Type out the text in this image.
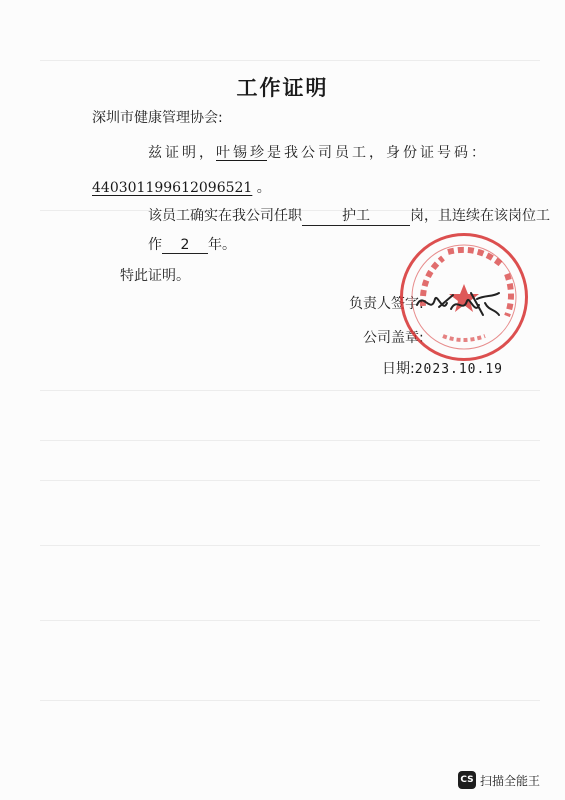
工作证明
深圳市健康管理协会:
兹证明，叶锡珍是我公司员工，身份证号码：
440301199612096521 。
该员工确实在我公司任职	护工	岗，且连续在该岗位工
作 2 年。
特此证明。
负责人签字:
公司盖章:
日期:2023.10.19
CS 扫描全能王
